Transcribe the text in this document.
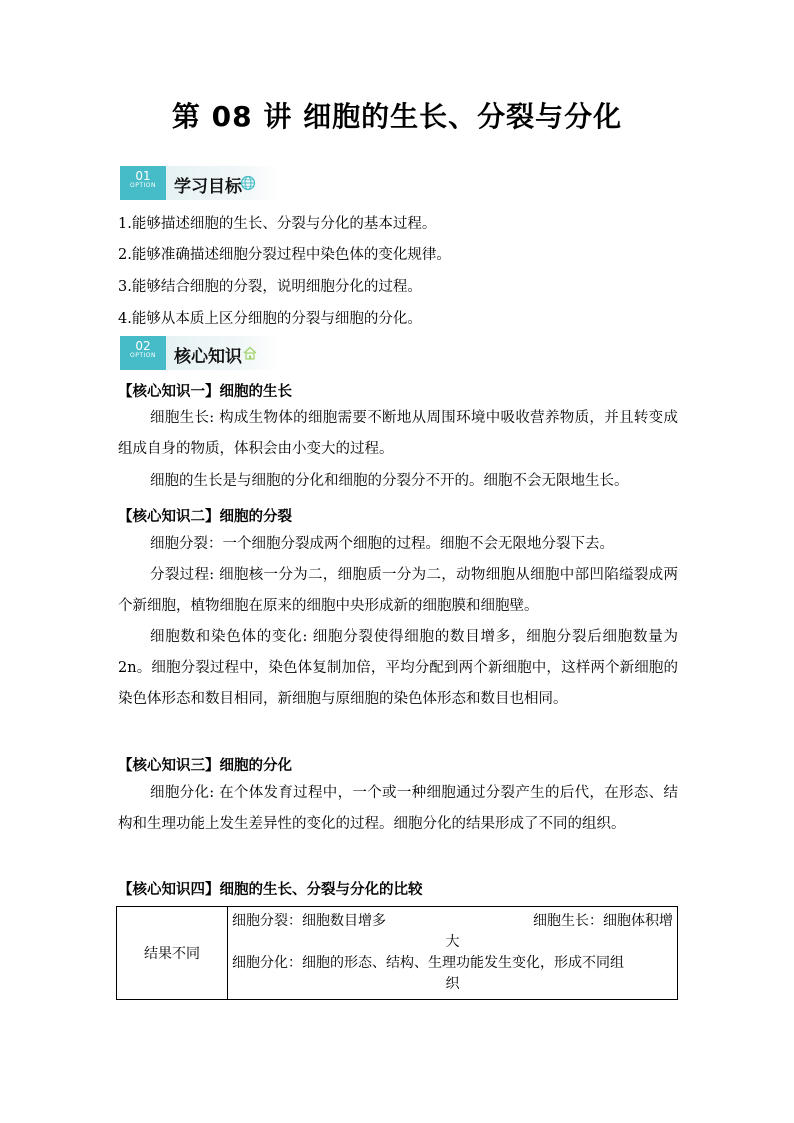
第 08 讲 细胞的生长、分裂与分化
01
OPTION	学习目标
1.能够描述细胞的生长、分裂与分化的基本过程。
2.能够准确描述细胞分裂过程中染色体的变化规律。
3.能够结合细胞的分裂，说明细胞分化的过程。
4.能够从本质上区分细胞的分裂与细胞的分化。
02
OPTION	核心知识
【核心知识一】细胞的生长
细胞生长: 构成生物体的细胞需要不断地从周围环境中吸收营养物质，并且转变成组成自身的物质，体积会由小变大的过程。
细胞的生长是与细胞的分化和细胞的分裂分不开的。细胞不会无限地生长。
【核心知识二】细胞的分裂
细胞分裂：一个细胞分裂成两个细胞的过程。细胞不会无限地分裂下去。
分裂过程: 细胞核一分为二，细胞质一分为二，动物细胞从细胞中部凹陷缢裂成两个新细胞，植物细胞在原来的细胞中央形成新的细胞膜和细胞壁。
细胞数和染色体的变化: 细胞分裂使得细胞的数目增多，细胞分裂后细胞数量为 2n。细胞分裂过程中，染色体复制加倍，平均分配到两个新细胞中，这样两个新细胞的染色体形态和数目相同，新细胞与原细胞的染色体形态和数目也相同。
【核心知识三】细胞的分化
细胞分化: 在个体发育过程中，一个或一种细胞通过分裂产生的后代，在形态、结构和生理功能上发生差异性的变化的过程。细胞分化的结果形成了不同的组织。
【核心知识四】细胞的生长、分裂与分化的比较
结果不同	
细胞分裂：细胞数目增多	细胞生长：细胞体积增
大
细胞分化：细胞的形态、结构、生理功能发生变化，形成不同组
织
